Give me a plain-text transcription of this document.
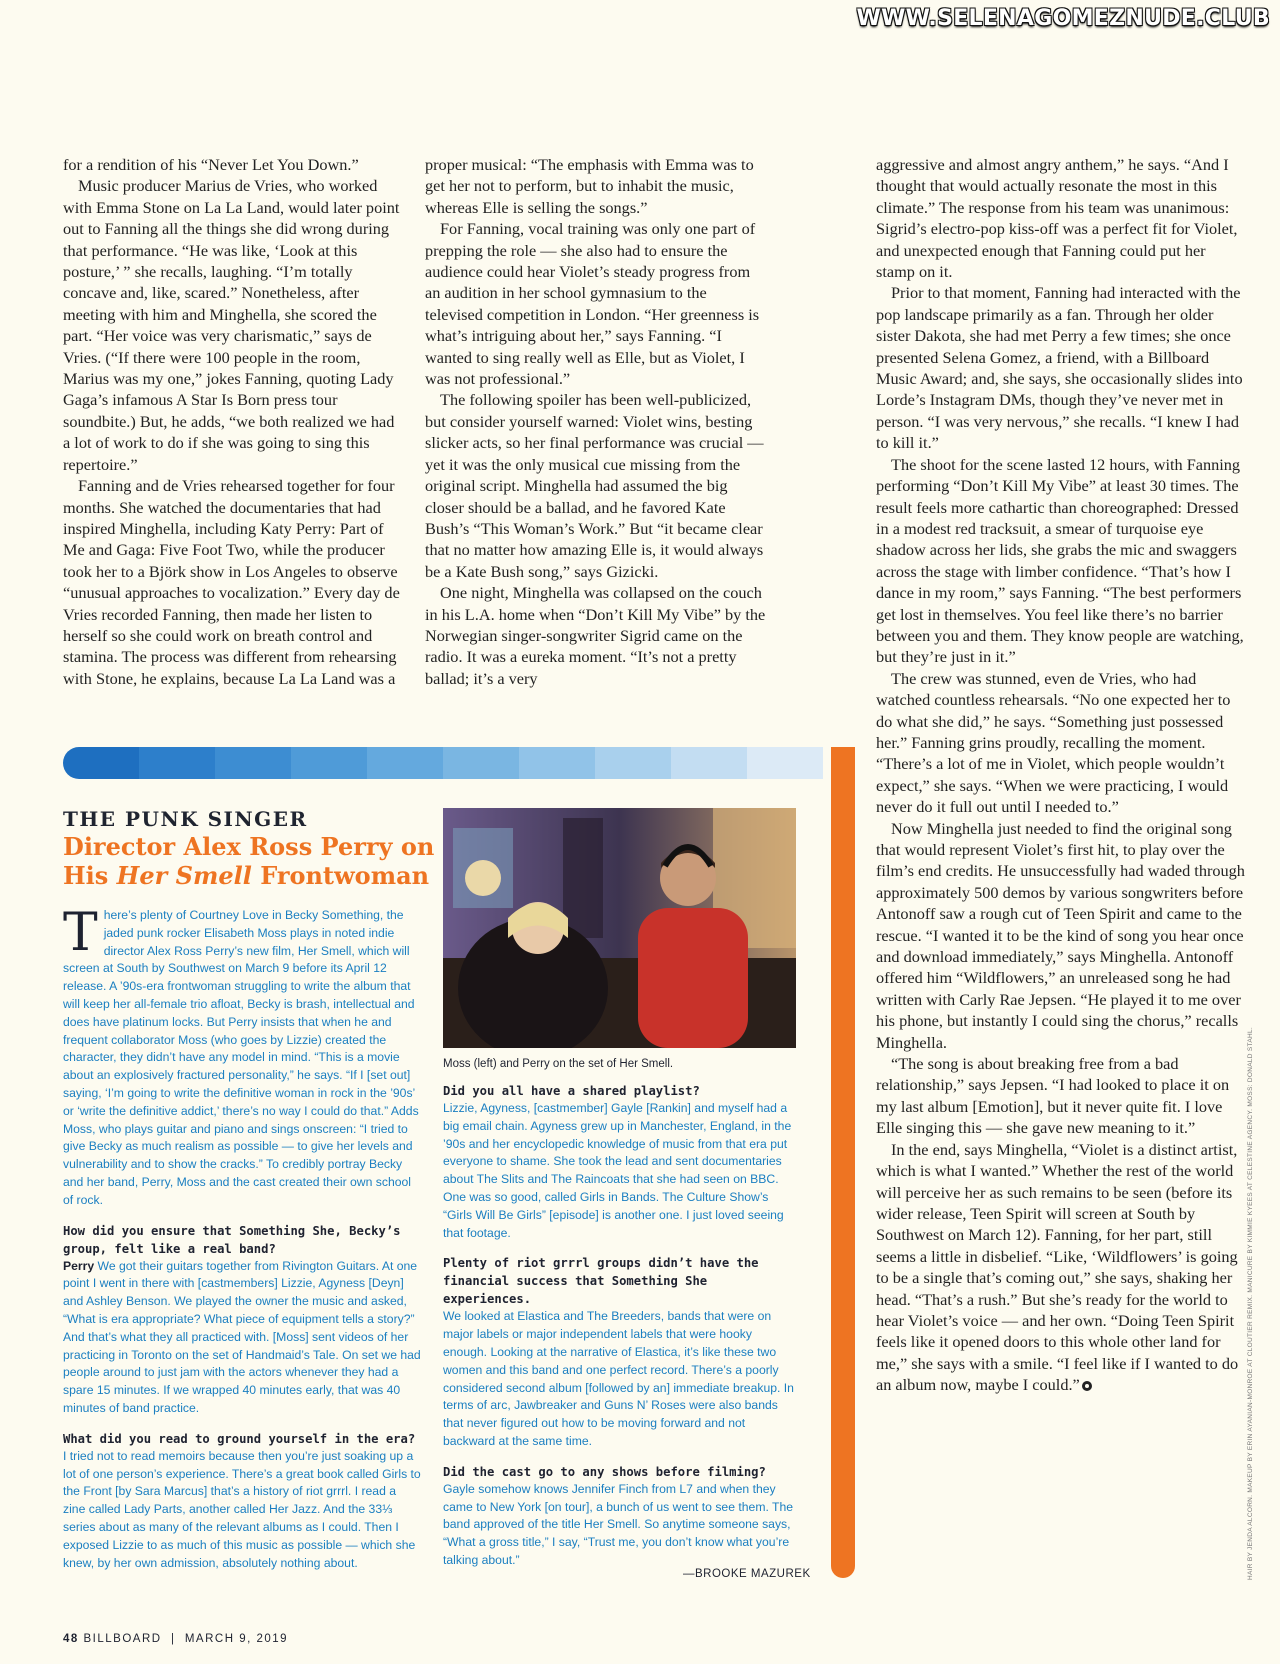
WWW.SELENAGOMEZNUDE.CLUB

for a rendition of his “Never Let You Down.”

Music producer Marius de Vries, who worked with Emma Stone on La La Land, would later point out to Fanning all the things she did wrong during that performance. “He was like, ‘Look at this posture,’ ” she recalls, laughing. “I’m totally concave and, like, scared.” Nonetheless, after meeting with him and Minghella, she scored the part. “Her voice was very charismatic,” says de Vries. (“If there were 100 people in the room, Marius was my one,” jokes Fanning, quoting Lady Gaga’s infamous A Star Is Born press tour soundbite.) But, he adds, “we both realized we had a lot of work to do if she was going to sing this repertoire.”

Fanning and de Vries rehearsed together for four months. She watched the documentaries that had inspired Minghella, including Katy Perry: Part of Me and Gaga: Five Foot Two, while the producer took her to a Björk show in Los Angeles to observe “unusual approaches to vocalization.” Every day de Vries recorded Fanning, then made her listen to herself so she could work on breath control and stamina. The process was different from rehearsing with Stone, he explains, because La La Land was a

proper musical: “The emphasis with Emma was to get her not to perform, but to inhabit the music, whereas Elle is selling the songs.”

For Fanning, vocal training was only one part of prepping the role — she also had to ensure the audience could hear Violet’s steady progress from an audition in her school gymnasium to the televised competition in London. “Her greenness is what’s intriguing about her,” says Fanning. “I wanted to sing really well as Elle, but as Violet, I was not professional.”

The following spoiler has been well-publicized, but consider yourself warned: Violet wins, besting slicker acts, so her final performance was crucial — yet it was the only musical cue missing from the original script. Minghella had assumed the big closer should be a ballad, and he favored Kate Bush’s “This Woman’s Work.” But “it became clear that no matter how amazing Elle is, it would always be a Kate Bush song,” says Gizicki.

One night, Minghella was collapsed on the couch in his L.A. home when “Don’t Kill My Vibe” by the Norwegian singer-songwriter Sigrid came on the radio. It was a eureka moment. “It’s not a pretty ballad; it’s a very

aggressive and almost angry anthem,” he says. “And I thought that would actually resonate the most in this climate.” The response from his team was unanimous: Sigrid’s electro-pop kiss-off was a perfect fit for Violet, and unexpected enough that Fanning could put her stamp on it.

Prior to that moment, Fanning had interacted with the pop landscape primarily as a fan. Through her older sister Dakota, she had met Perry a few times; she once presented Selena Gomez, a friend, with a Billboard Music Award; and, she says, she occasionally slides into Lorde’s Instagram DMs, though they’ve never met in person. “I was very nervous,” she recalls. “I knew I had to kill it.”

The shoot for the scene lasted 12 hours, with Fanning performing “Don’t Kill My Vibe” at least 30 times. The result feels more cathartic than choreographed: Dressed in a modest red tracksuit, a smear of turquoise eye shadow across her lids, she grabs the mic and swaggers across the stage with limber confidence. “That’s how I dance in my room,” says Fanning. “The best performers get lost in themselves. You feel like there’s no barrier between you and them. They know people are watching, but they’re just in it.”

The crew was stunned, even de Vries, who had watched countless rehearsals. “No one expected her to do what she did,” he says. “Something just possessed her.” Fanning grins proudly, recalling the moment. “There’s a lot of me in Violet, which people wouldn’t expect,” she says. “When we were practicing, I would never do it full out until I needed to.”

Now Minghella just needed to find the original song that would represent Violet’s first hit, to play over the film’s end credits. He unsuccessfully had waded through approximately 500 demos by various songwriters before Antonoff saw a rough cut of Teen Spirit and came to the rescue. “I wanted it to be the kind of song you hear once and download immediately,” says Minghella. Antonoff offered him “Wildflowers,” an unreleased song he had written with Carly Rae Jepsen. “He played it to me over his phone, but instantly I could sing the chorus,” recalls Minghella.

“The song is about breaking free from a bad relationship,” says Jepsen. “I had looked to place it on my last album [Emotion], but it never quite fit. I love Elle singing this — she gave new meaning to it.”

In the end, says Minghella, “Violet is a distinct artist, which is what I wanted.” Whether the rest of the world will perceive her as such remains to be seen (before its wider release, Teen Spirit will screen at South by Southwest on March 12). Fanning, for her part, still seems a little in disbelief. “Like, ‘Wildflowers’ is going to be a single that’s coming out,” she says, shaking her head. “That’s a rush.” But she’s ready for the world to hear Violet’s voice — and her own. “Doing Teen Spirit feels like it opened doors to this whole other land for me,” she says with a smile. “I feel like if I wanted to do an album now, maybe I could.”

THE PUNK SINGER
Director Alex Ross Perry on His Her Smell Frontwoman

There’s plenty of Courtney Love in Becky Something, the jaded punk rocker Elisabeth Moss plays in noted indie director Alex Ross Perry’s new film, Her Smell, which will screen at South by Southwest on March 9 before its April 12 release. A ’90s-era frontwoman struggling to write the album that will keep her all-female trio afloat, Becky is brash, intellectual and does have platinum locks. But Perry insists that when he and frequent collaborator Moss (who goes by Lizzie) created the character, they didn’t have any model in mind. “This is a movie about an explosively fractured personality,” he says. “If I [set out] saying, ‘I’m going to write the definitive woman in rock in the ’90s’ or ‘write the definitive addict,’ there’s no way I could do that.” Adds Moss, who plays guitar and piano and sings onscreen: “I tried to give Becky as much realism as possible — to give her levels and vulnerability and to show the cracks.” To credibly portray Becky and her band, Perry, Moss and the cast created their own school of rock.

How did you ensure that Something She, Becky’s group, felt like a real band?

Perry We got their guitars together from Rivington Guitars. At one point I went in there with [castmembers] Lizzie, Agyness [Deyn] and Ashley Benson. We played the owner the music and asked, “What is era appropriate? What piece of equipment tells a story?” And that’s what they all practiced with. [Moss] sent videos of her practicing in Toronto on the set of Handmaid’s Tale. On set we had people around to just jam with the actors whenever they had a spare 15 minutes. If we wrapped 40 minutes early, that was 40 minutes of band practice.

What did you read to ground yourself in the era?

I tried not to read memoirs because then you’re just soaking up a lot of one person’s experience. There’s a great book called Girls to the Front [by Sara Marcus] that’s a history of riot grrrl. I read a zine called Lady Parts, another called Her Jazz. And the 33⅓ series about as many of the relevant albums as I could. Then I exposed Lizzie to as much of this music as possible — which she knew, by her own admission, absolutely nothing about.

Moss (left) and Perry on the set of Her Smell.

Did you all have a shared playlist?

Lizzie, Agyness, [castmember] Gayle [Rankin] and myself had a big email chain. Agyness grew up in Manchester, England, in the ’90s and her encyclopedic knowledge of music from that era put everyone to shame. She took the lead and sent documentaries about The Slits and The Raincoats that she had seen on BBC. One was so good, called Girls in Bands. The Culture Show’s “Girls Will Be Girls” [episode] is another one. I just loved seeing that footage.

Plenty of riot grrrl groups didn’t have the financial success that Something She experiences.

We looked at Elastica and The Breeders, bands that were on major labels or major independent labels that were hooky enough. Looking at the narrative of Elastica, it’s like these two women and this band and one perfect record. There’s a poorly considered second album [followed by an] immediate breakup. In terms of arc, Jawbreaker and Guns N’ Roses were also bands that never figured out how to be moving forward and not backward at the same time.

Did the cast go to any shows before filming?

Gayle somehow knows Jennifer Finch from L7 and when they came to New York [on tour], a bunch of us went to see them. The band approved of the title Her Smell. So anytime someone says, “What a gross title,” I say, “Trust me, you don’t know what you’re talking about.”

—BROOKE MAZUREK
48 BILLBOARD  |  MARCH 9, 2019
HAIR BY JENDA ALCORN. MAKEUP BY ERIN AYANIAN-MONROE AT CLOUTIER REMIX. MANICURE BY KIMMIE KYEES AT CELESTINE AGENCY. MOSS: DONALD STAHL.
